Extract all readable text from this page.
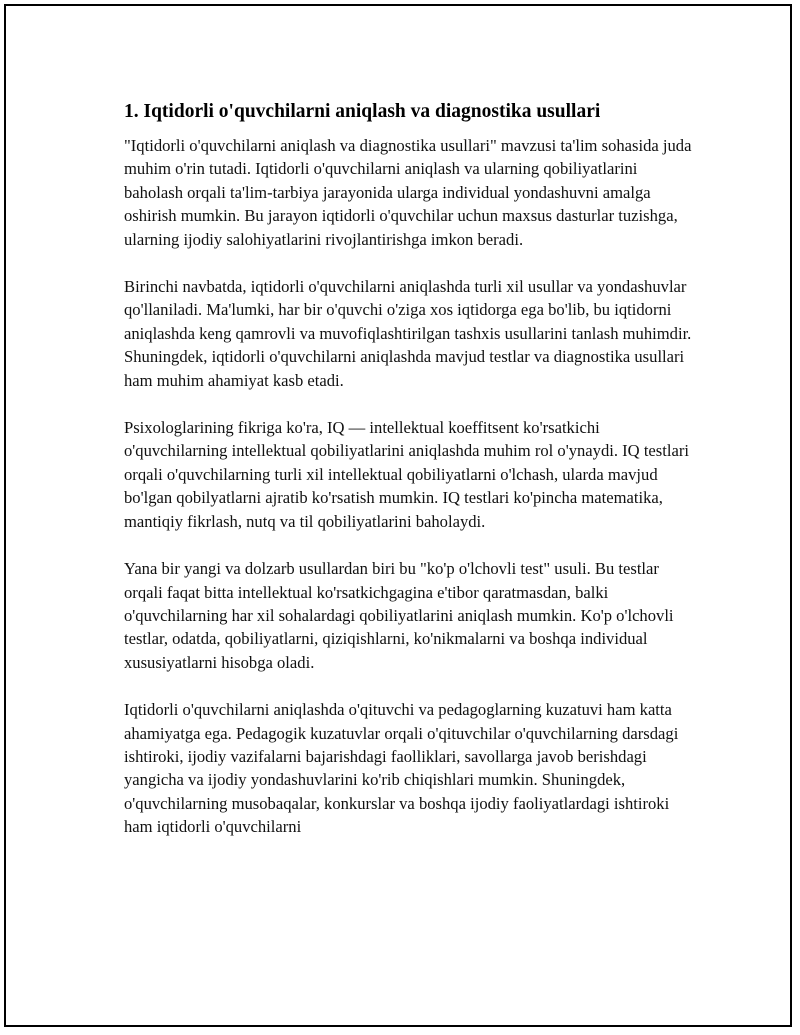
1. Iqtidorli o'quvchilarni aniqlash va diagnostika usullari

"Iqtidorli o'quvchilarni aniqlash va diagnostika usullari" mavzusi ta'lim sohasida juda muhim o'rin tutadi. Iqtidorli o'quvchilarni aniqlash va ularning qobiliyatlarini baholash orqali ta'lim-tarbiya jarayonida ularga individual yondashuvni amalga oshirish mumkin. Bu jarayon iqtidorli o'quvchilar uchun maxsus dasturlar tuzishga, ularning ijodiy salohiyatlarini rivojlantirishga imkon beradi.

Birinchi navbatda, iqtidorli o'quvchilarni aniqlashda turli xil usullar va yondashuvlar qo'llaniladi. Ma'lumki, har bir o'quvchi o'ziga xos iqtidorga ega bo'lib, bu iqtidorni aniqlashda keng qamrovli va muvofiqlashtirilgan tashxis usullarini tanlash muhimdir. Shuningdek, iqtidorli o'quvchilarni aniqlashda mavjud testlar va diagnostika usullari ham muhim ahamiyat kasb etadi.

Psixologlarining fikriga ko'ra, IQ — intellektual koeffitsent ko'rsatkichi o'quvchilarning intellektual qobiliyatlarini aniqlashda muhim rol o'ynaydi. IQ testlari orqali o'quvchilarning turli xil intellektual qobiliyatlarni o'lchash, ularda mavjud bo'lgan qobilyatlarni ajratib ko'rsatish mumkin. IQ testlari ko'pincha matematika, mantiqiy fikrlash, nutq va til qobiliyatlarini baholaydi.

Yana bir yangi va dolzarb usullardan biri bu "ko'p o'lchovli test" usuli. Bu testlar orqali faqat bitta intellektual ko'rsatkichgagina e'tibor qaratmasdan, balki o'quvchilarning har xil sohalardagi qobiliyatlarini aniqlash mumkin. Ko'p o'lchovli testlar, odatda, qobiliyatlarni, qiziqishlarni, ko'nikmalarni va boshqa individual xususiyatlarni hisobga oladi.

Iqtidorli o'quvchilarni aniqlashda o'qituvchi va pedagoglarning kuzatuvi ham katta ahamiyatga ega. Pedagogik kuzatuvlar orqali o'qituvchilar o'quvchilarning darsdagi ishtiroki, ijodiy vazifalarni bajarishdagi faolliklari, savollarga javob berishdagi yangicha va ijodiy yondashuvlarini ko'rib chiqishlari mumkin. Shuningdek, o'quvchilarning musobaqalar, konkurslar va boshqa ijodiy faoliyatlardagi ishtiroki ham iqtidorli o'quvchilarni
